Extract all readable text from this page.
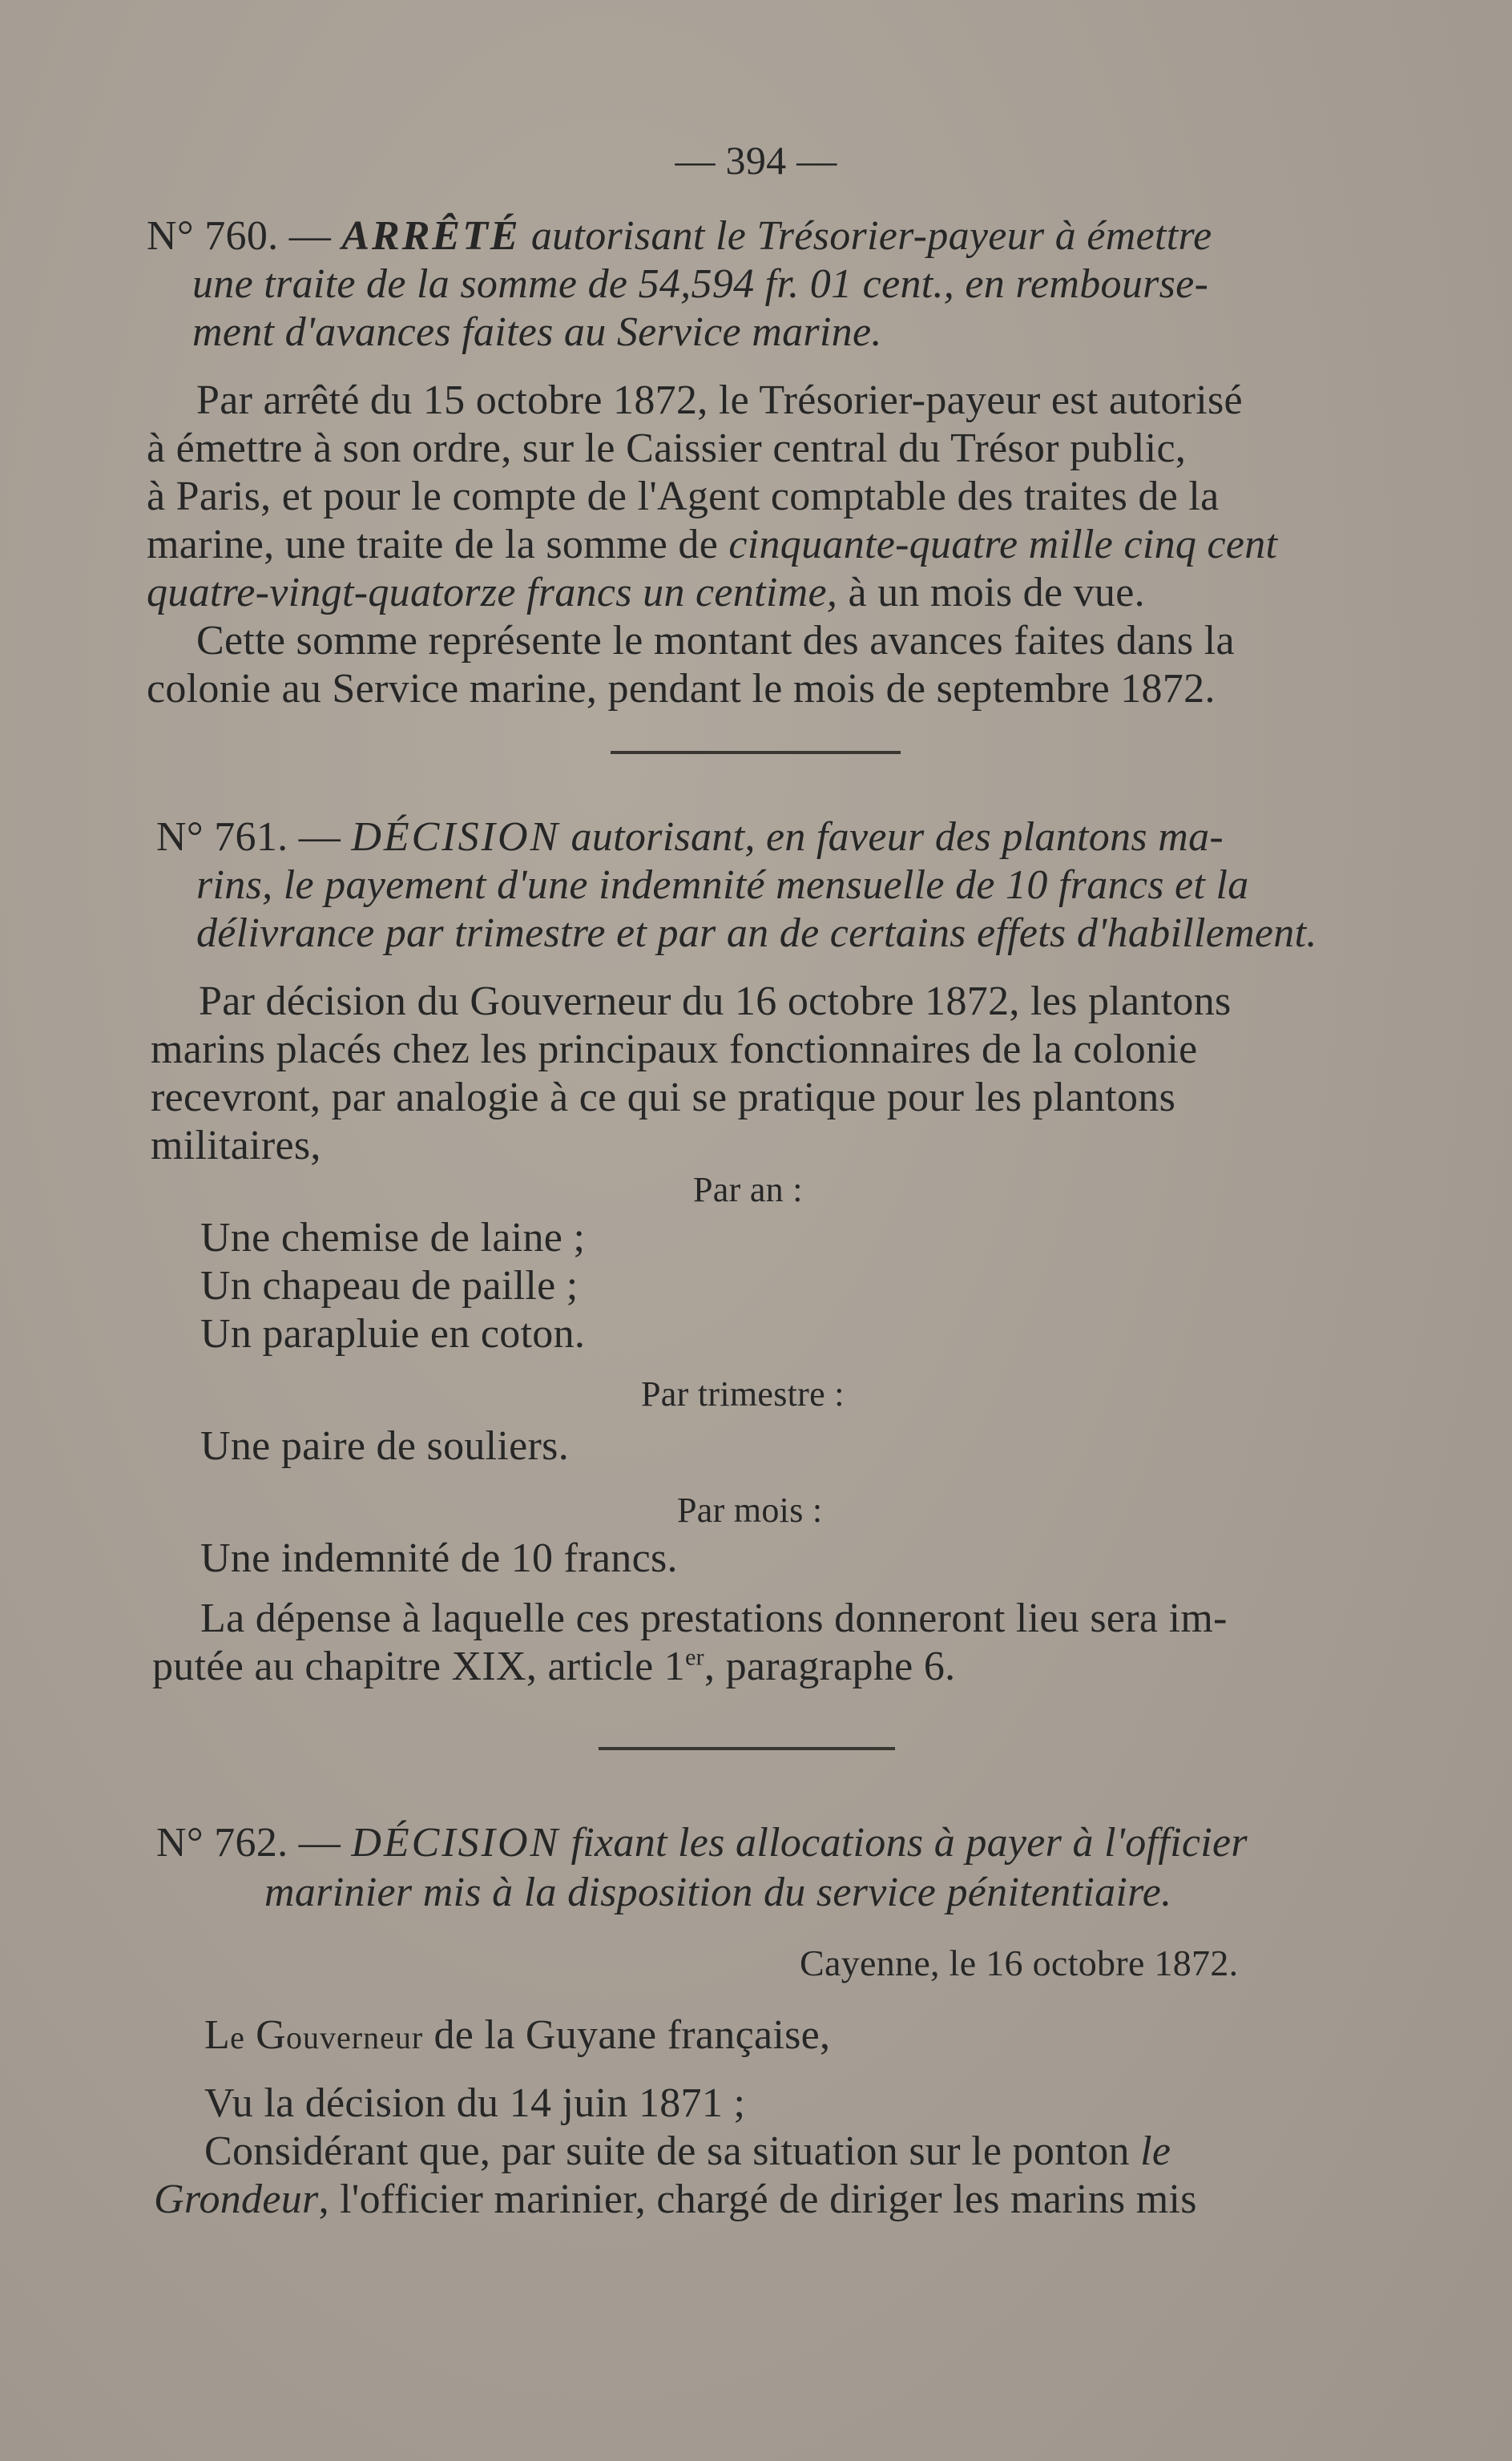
— 394 —
N° 760. — ARRÊTÉ autorisant le Trésorier-payeur à émettre
une traite de la somme de 54,594 fr. 01 cent., en rembourse-
ment d'avances faites au Service marine.
Par arrêté du 15 octobre 1872, le Trésorier-payeur est autorisé
à émettre à son ordre, sur le Caissier central du Trésor public,
à Paris, et pour le compte de l'Agent comptable des traites de la
marine, une traite de la somme de cinquante-quatre mille cinq cent
quatre-vingt-quatorze francs un centime, à un mois de vue.
Cette somme représente le montant des avances faites dans la
colonie au Service marine, pendant le mois de septembre 1872.
N° 761. — DÉCISION autorisant, en faveur des plantons ma-
rins, le payement d'une indemnité mensuelle de 10 francs et la
délivrance par trimestre et par an de certains effets d'habillement.
Par décision du Gouverneur du 16 octobre 1872, les plantons
marins placés chez les principaux fonctionnaires de la colonie
recevront, par analogie à ce qui se pratique pour les plantons
militaires,
Par an :
Une chemise de laine ;
Un chapeau de paille ;
Un parapluie en coton.
Par trimestre :
Une paire de souliers.
Par mois :
Une indemnité de 10 francs.
La dépense à laquelle ces prestations donneront lieu sera im-
putée au chapitre XIX, article 1er, paragraphe 6.
N° 762. — DÉCISION fixant les allocations à payer à l'officier
marinier mis à la disposition du service pénitentiaire.
Cayenne, le 16 octobre 1872.
Le Gouverneur de la Guyane française,
Vu la décision du 14 juin 1871 ;
Considérant que, par suite de sa situation sur le ponton le
Grondeur, l'officier marinier, chargé de diriger les marins mis
